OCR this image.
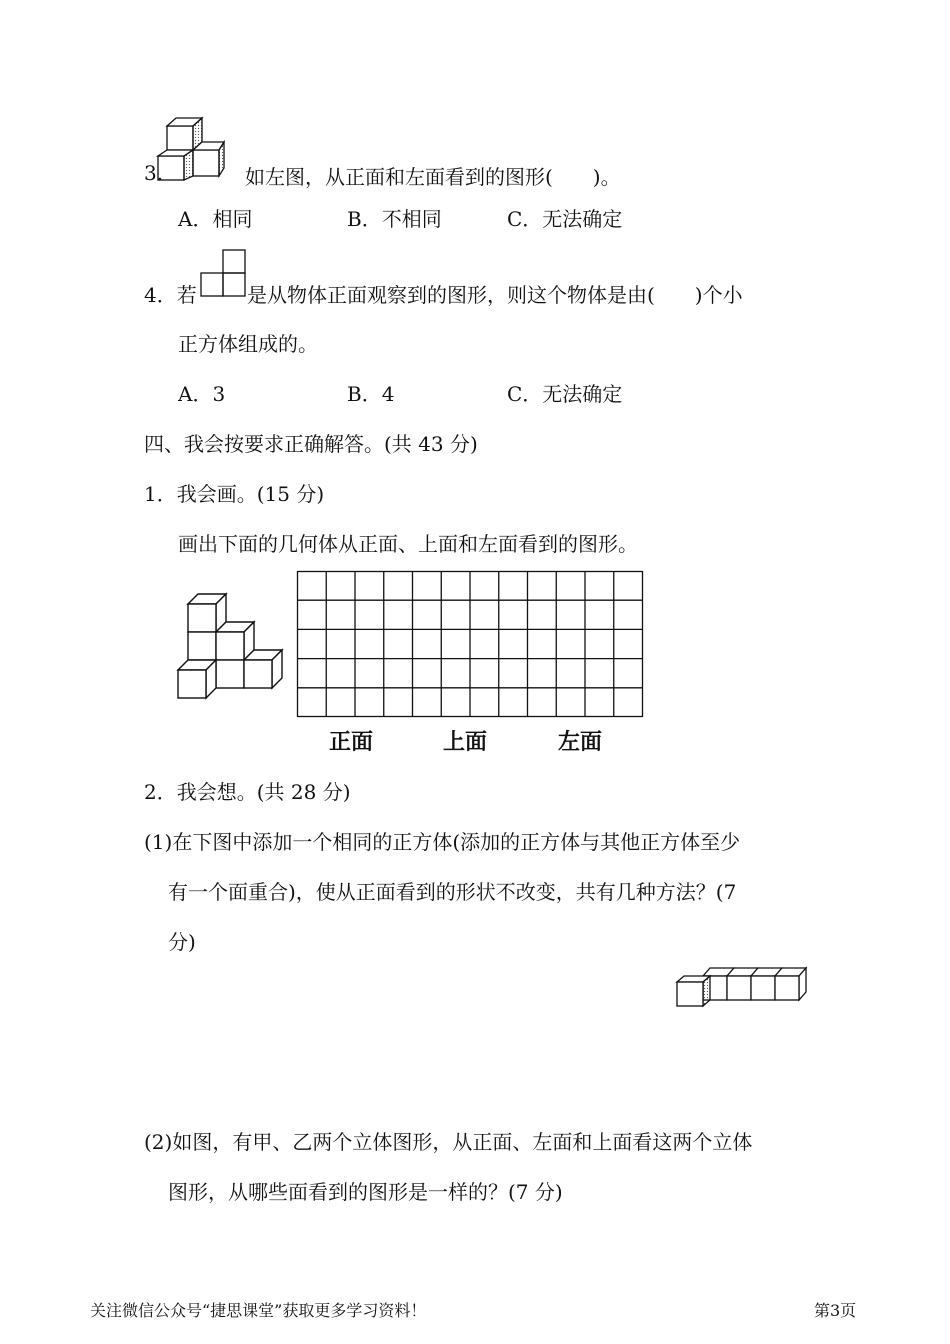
3.	如左图，从正面和左面看到的图形(　　)。
A．相同	B．不相同	C．无法确定
4．若	是从物体正面观察到的图形，则这个物体是由(　　)个小
正方体组成的。
A．3	B．4	C．无法确定
四、我会按要求正确解答。(共 43 分)
1．我会画。(15 分)
画出下面的几何体从正面、上面和左面看到的图形。
正面	上面	左面
2．我会想。(共 28 分)
(1)在下图中添加一个相同的正方体(添加的正方体与其他正方体至少
有一个面重合)，使从正面看到的形状不改变，共有几种方法？(7
分)
(2)如图，有甲、乙两个立体图形，从正面、左面和上面看这两个立体
图形，从哪些面看到的图形是一样的？(7 分)
关注微信公众号“捷思课堂”获取更多学习资料！	第3页
